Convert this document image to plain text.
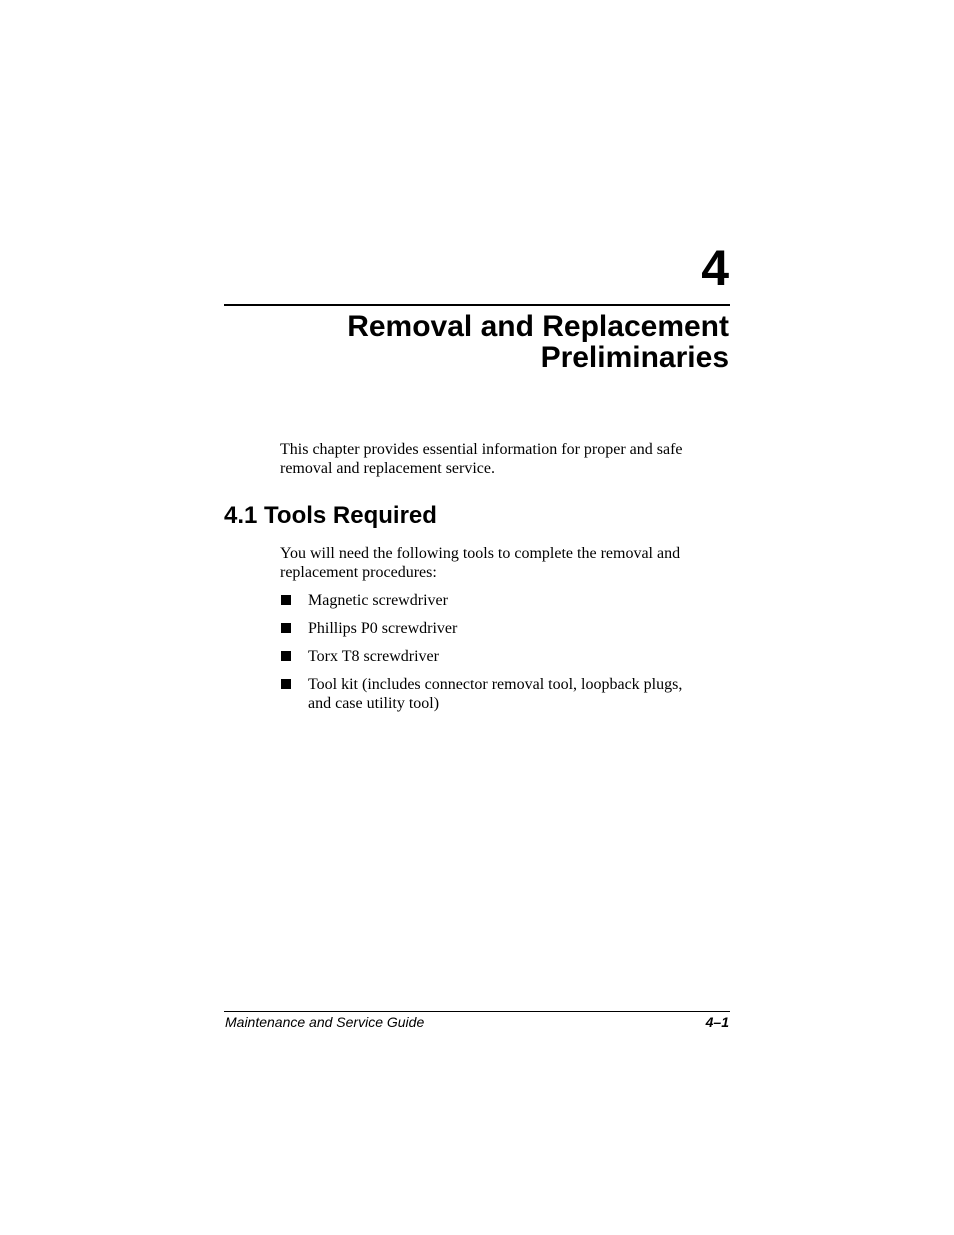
4
Removal and Replacement
Preliminaries

This chapter provides essential information for proper and safe
removal and replacement service.

4.1 Tools Required

You will need the following tools to complete the removal and
replacement procedures:

Magnetic screwdriver
Phillips P0 screwdriver
Torx T8 screwdriver
Tool kit (includes connector removal tool, loopback plugs,
and case utility tool)
Maintenance and Service Guide	4–1
